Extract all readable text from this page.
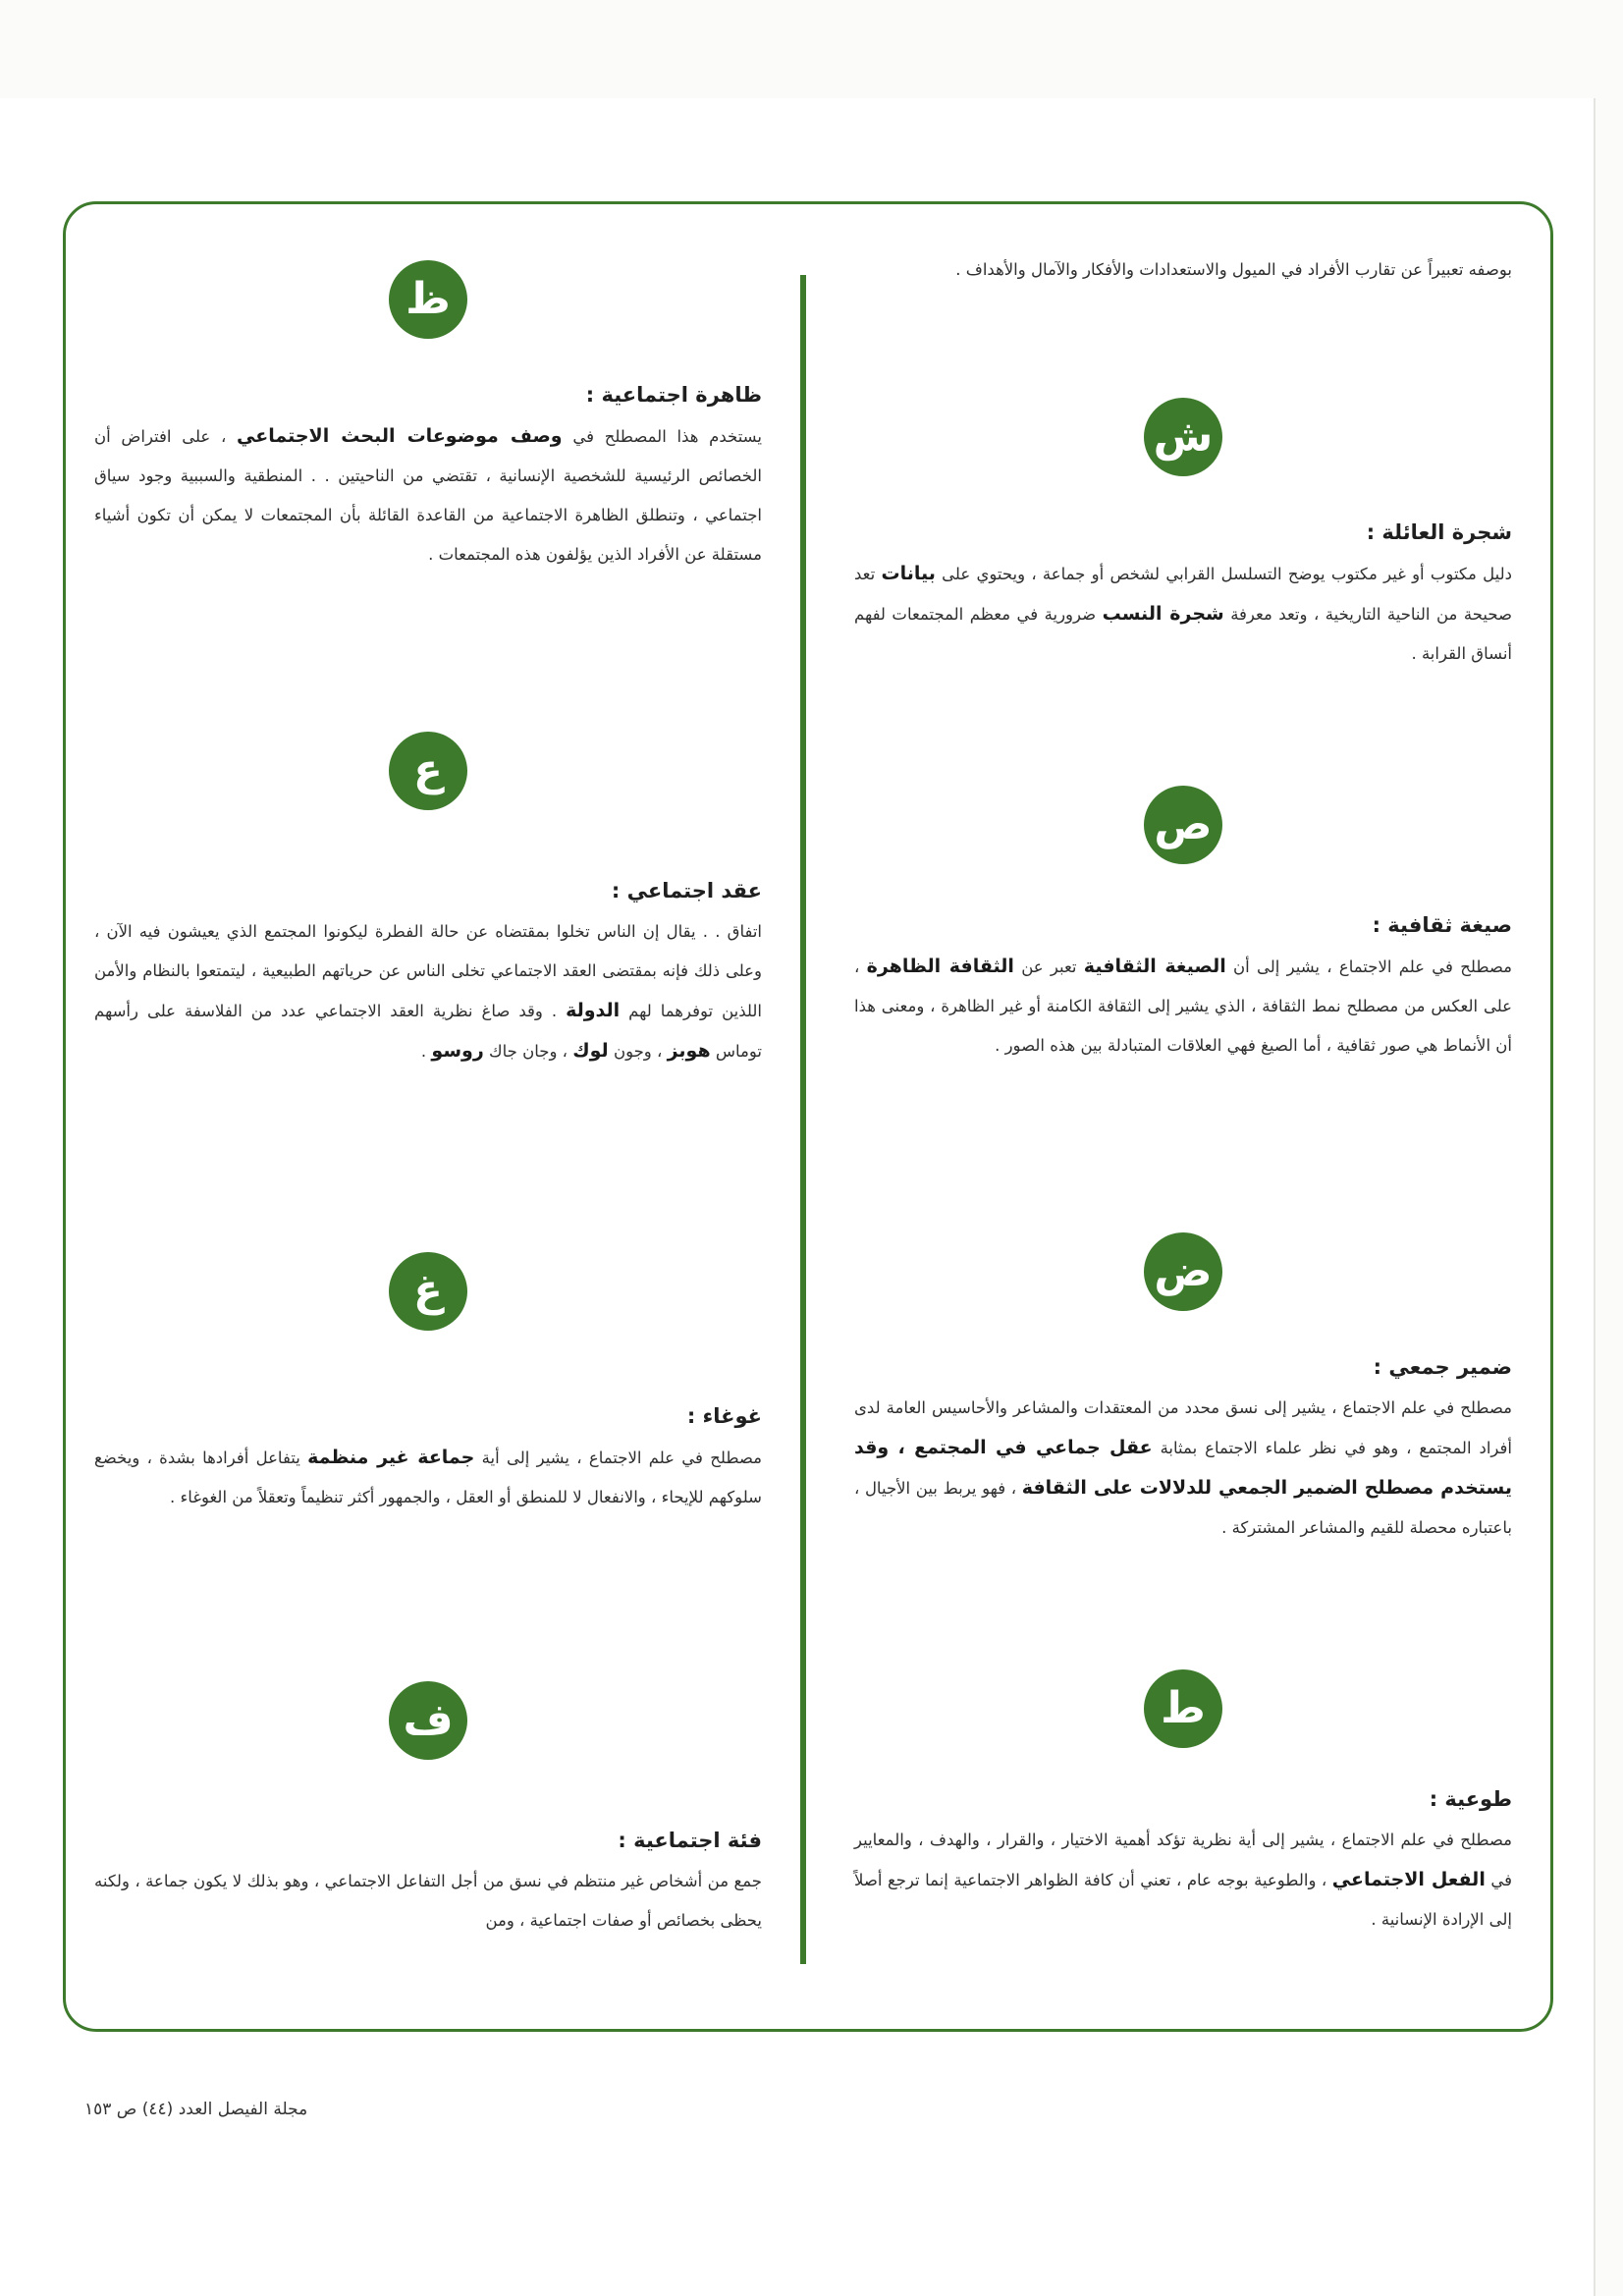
بوصفه تعبيراً عن تقارب الأفراد في الميول والاستعدادات والأفكار والآمال والأهداف .

ش
شجرة العائلة :

دليل مكتوب أو غير مكتوب يوضح التسلسل القرابي لشخص أو جماعة ، ويحتوي على بيانات تعد صحيحة من الناحية التاريخية ، وتعد معرفة شجرة النسب ضرورية في معظم المجتمعات لفهم أنساق القرابة .

ص
صيغة ثقافية :

مصطلح في علم الاجتماع ، يشير إلى أن الصيغة الثقافية تعبر عن الثقافة الظاهرة ، على العكس من مصطلح نمط الثقافة ، الذي يشير إلى الثقافة الكامنة أو غير الظاهرة ، ومعنى هذا أن الأنماط هي صور ثقافية ، أما الصيغ فهي العلاقات المتبادلة بين هذه الصور .

ض
ضمير جمعي :

مصطلح في علم الاجتماع ، يشير إلى نسق محدد من المعتقدات والمشاعر والأحاسيس العامة لدى أفراد المجتمع ، وهو في نظر علماء الاجتماع بمثابة عقل جماعي في المجتمع ، وقد يستخدم مصطلح الضمير الجمعي للدلالات على الثقافة ، فهو يربط بين الأجيال ، باعتباره محصلة للقيم والمشاعر المشتركة .

ط
طوعية :

مصطلح في علم الاجتماع ، يشير إلى أية نظرية تؤكد أهمية الاختيار ، والقرار ، والهدف ، والمعايير في الفعل الاجتماعي ، والطوعية بوجه عام ، تعني أن كافة الظواهر الاجتماعية إنما ترجع أصلاً إلى الإرادة الإنسانية .

ظ
ظاهرة اجتماعية :

يستخدم هذا المصطلح في وصف موضوعات البحث الاجتماعي ، على افتراض أن الخصائص الرئيسية للشخصية الإنسانية ، تقتضي من الناحيتين . . المنطقية والسببية وجود سياق اجتماعي ، وتنطلق الظاهرة الاجتماعية من القاعدة القائلة بأن المجتمعات لا يمكن أن تكون أشياء مستقلة عن الأفراد الذين يؤلفون هذه المجتمعات .

ع
عقد اجتماعي :

اتفاق . . يقال إن الناس تخلوا بمقتضاه عن حالة الفطرة ليكونوا المجتمع الذي يعيشون فيه الآن ، وعلى ذلك فإنه بمقتضى العقد الاجتماعي تخلى الناس عن حرياتهم الطبيعية ، ليتمتعوا بالنظام والأمن اللذين توفرهما لهم الدولة . وقد صاغ نظرية العقد الاجتماعي عدد من الفلاسفة على رأسهم توماس هوبز ، وجون لوك ، وجان جاك روسو .

غ
غوغاء :

مصطلح في علم الاجتماع ، يشير إلى أية جماعة غير منظمة يتفاعل أفرادها بشدة ، ويخضع سلوكهم للإيحاء ، والانفعال لا للمنطق أو العقل ، والجمهور أكثر تنظيماً وتعقلاً من الغوغاء .

ف
فئة اجتماعية :

جمع من أشخاص غير منتظم في نسق من أجل التفاعل الاجتماعي ، وهو بذلك لا يكون جماعة ، ولكنه يحظى بخصائص أو صفات اجتماعية ، ومن

مجلة الفيصل العدد (٤٤) ص ١٥٣
